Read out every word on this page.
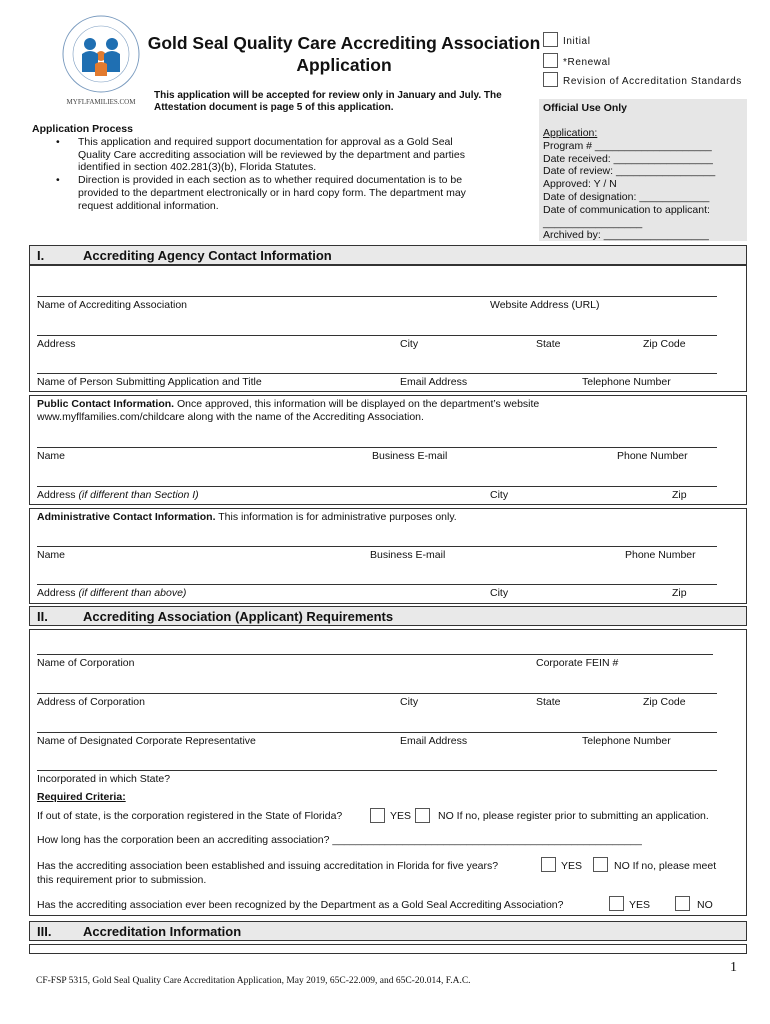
MYFLFAMILIES.COM
Gold Seal Quality Care Accrediting Association
Application
This application will be accepted for review only in January and July. The
Attestation document is page 5 of this application.
Initial
*Renewal
Revision of Accreditation Standards
Official Use Only
Application:
Program # ____________________
Date received: _________________
Date of review: _________________
Approved: Y / N
Date of designation: ____________
Date of communication to applicant:
_________________
Archived by: __________________
Application Process
• This application and required support documentation for approval as a Gold Seal
Quality Care accrediting association will be reviewed by the department and parties
identified in section 402.281(3)(b), Florida Statutes.
• Direction is provided in each section as to whether required documentation is to be
provided to the department electronically or in hard copy form. The department may
request additional information.
I.	Accrediting Agency Contact Information
Name of Accrediting Association	Website Address (URL)
Address	City	State	Zip Code
Name of Person Submitting Application and Title	Email Address	Telephone Number
Public Contact Information. Once approved, this information will be displayed on the department’s website
www.myflfamilies.com/childcare along with the name of the Accrediting Association.
Name	Business E-mail	Phone Number
Address (if different than Section I)	City	Zip
Administrative Contact Information. This information is for administrative purposes only.
Name	Business E-mail	Phone Number
Address (if different than above)	City	Zip
II.	Accrediting Association (Applicant) Requirements
Name of Corporation	Corporate FEIN #
Address of Corporation	City	State	Zip Code
Name of Designated Corporate Representative	Email Address	Telephone Number
Incorporated in which State?
Required Criteria:
If out of state, is the corporation registered in the State of Florida?	YES	NO If no, please register prior to submitting an application.
How long has the corporation been an accrediting association? _____________________________________________________
Has the accrediting association been established and issuing accreditation in Florida for five years?	YES	NO If no, please meet
this requirement prior to submission.
Has the accrediting association ever been recognized by the Department as a Gold Seal Accrediting Association?	YES	NO
III. Accreditation Information
1
CF-FSP 5315, Gold Seal Quality Care Accreditation Application, May 2019, 65C-22.009, and 65C-20.014, F.A.C.
